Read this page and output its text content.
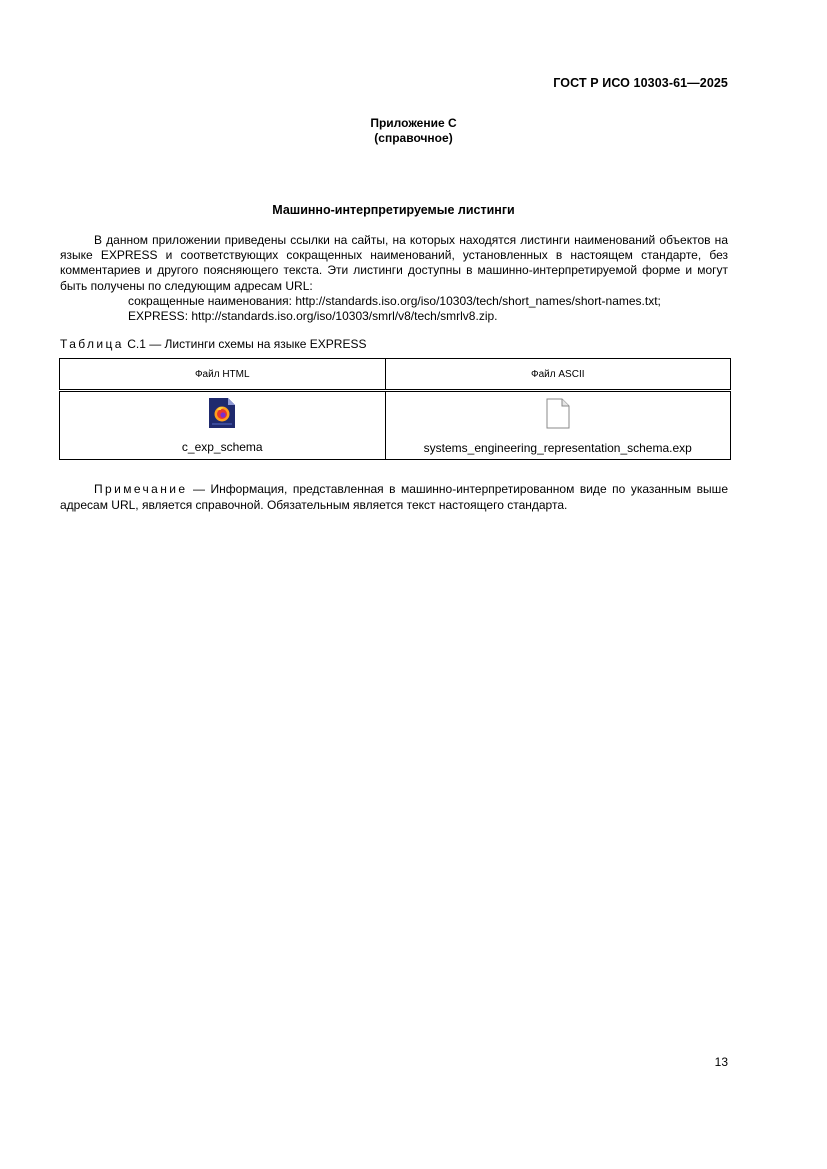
ГОСТ Р ИСО 10303-61—2025
Приложение С
(справочное)
Машинно-интерпретируемые листинги

В данном приложении приведены ссылки на сайты, на которых находятся листинги наименований объектов на языке EXPRESS и соответствующих сокращенных наименований, установленных в настоящем стандарте, без комментариев и другого поясняющего текста. Эти листинги доступны в машинно-интерпретируемой форме и могут быть получены по следующим адресам URL:

сокращенные наименования: http://standards.iso.org/iso/10303/tech/short_names/short-names.txt;

EXPRESS: http://standards.iso.org/iso/10303/smrl/v8/tech/smrlv8.zip.

Таблица С.1 — Листинги схемы на языке EXPRESS
Файл HTML	Файл ASCII

c_exp_schema	systems_engineering_representation_schema.exp

Примечание — Информация, представленная в машинно-интерпретированном виде по указанным выше адресам URL, является справочной. Обязательным является текст настоящего стандарта.

13
